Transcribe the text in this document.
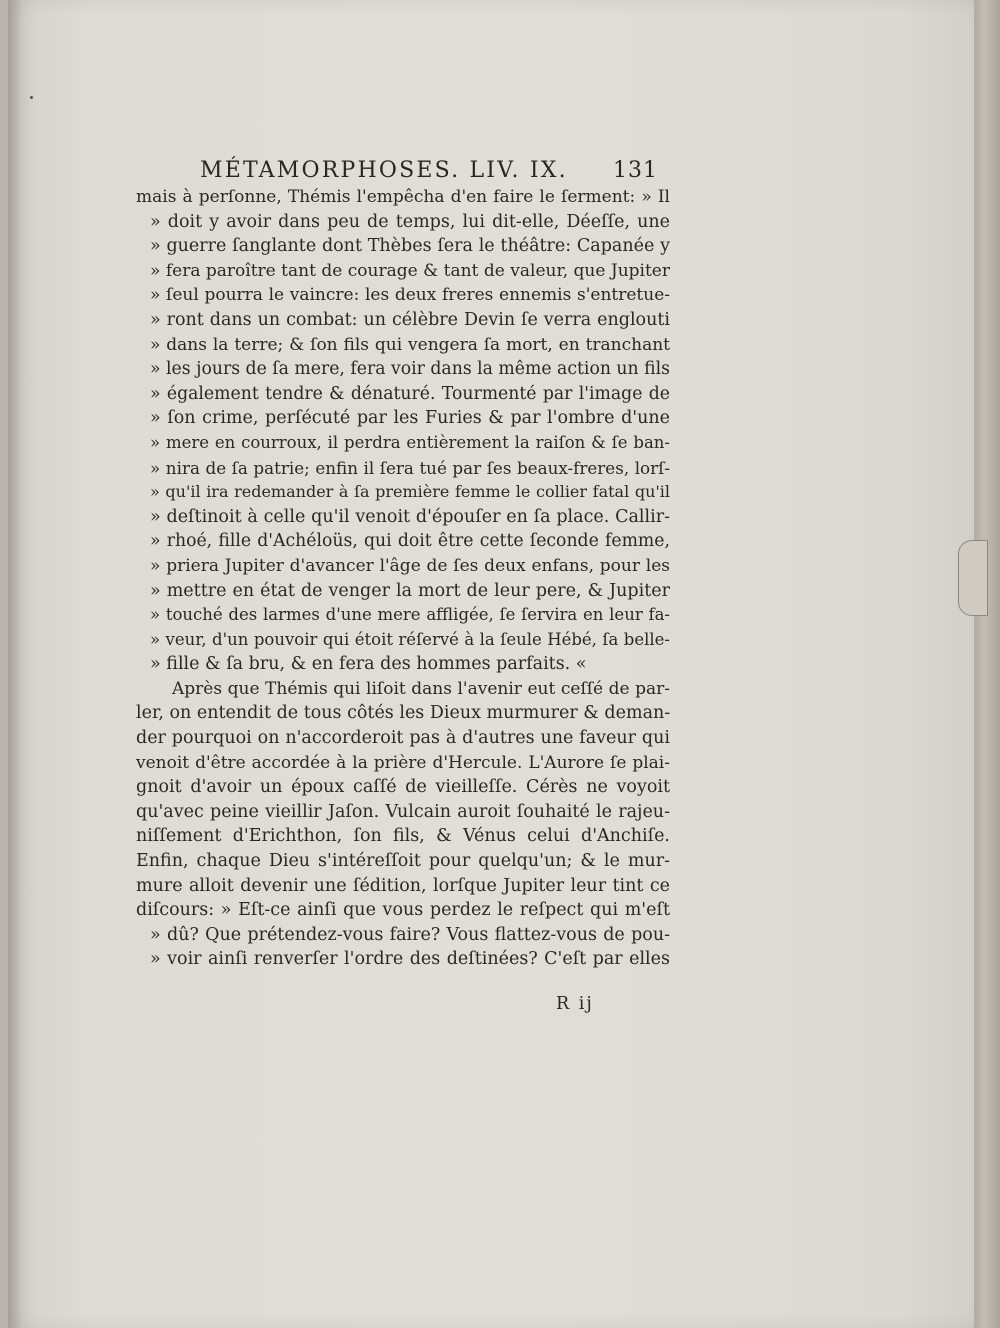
MÉTAMORPHOSES. LIV. IX. 131
mais à perſonne, Thémis l'empêcha d'en faire le ſerment: » Il
» doit y avoir dans peu de temps, lui dit-elle, Déeſſe, une
» guerre ſanglante dont Thèbes ſera le théâtre: Capanée y
» fera paroître tant de courage & tant de valeur, que Jupiter
» ſeul pourra le vaincre: les deux freres ennemis s'entretue-
» ront dans un combat: un célèbre Devin ſe verra englouti
» dans la terre; & ſon fils qui vengera ſa mort, en tranchant
» les jours de ſa mere, fera voir dans la même action un fils
» également tendre & dénaturé. Tourmenté par l'image de
» ſon crime, perſécuté par les Furies & par l'ombre d'une
» mere en courroux, il perdra entièrement la raiſon & ſe ban-
» nira de ſa patrie; enfin il ſera tué par ſes beaux-freres, lorſ-
» qu'il ira redemander à ſa première femme le collier fatal qu'il
» deſtinoit à celle qu'il venoit d'épouſer en ſa place. Callir-
» rhoé, fille d'Achéloüs, qui doit être cette ſeconde femme,
» priera Jupiter d'avancer l'âge de ſes deux enfans, pour les
» mettre en état de venger la mort de leur pere, & Jupiter
» touché des larmes d'une mere affligée, ſe ſervira en leur fa-
» veur, d'un pouvoir qui étoit réſervé à la ſeule Hébé, ſa belle-
» fille & ſa bru, & en fera des hommes parfaits. «
Après que Thémis qui liſoit dans l'avenir eut ceſſé de par-
ler, on entendit de tous côtés les Dieux murmurer & deman-
der pourquoi on n'accorderoit pas à d'autres une faveur qui
venoit d'être accordée à la prière d'Hercule. L'Aurore ſe plai-
gnoit d'avoir un époux caſſé de vieilleſſe. Cérès ne voyoit
qu'avec peine vieillir Jaſon. Vulcain auroit ſouhaité le rajeu-
niſſement d'Erichthon, ſon fils, & Vénus celui d'Anchiſe.
Enfin, chaque Dieu s'intéreſſoit pour quelqu'un; & le mur-
mure alloit devenir une ſédition, lorſque Jupiter leur tint ce
diſcours: » Eſt-ce ainſi que vous perdez le reſpect qui m'eſt
» dû? Que prétendez-vous faire? Vous flattez-vous de pou-
» voir ainſi renverſer l'ordre des deſtinées? C'eſt par elles
R ij
